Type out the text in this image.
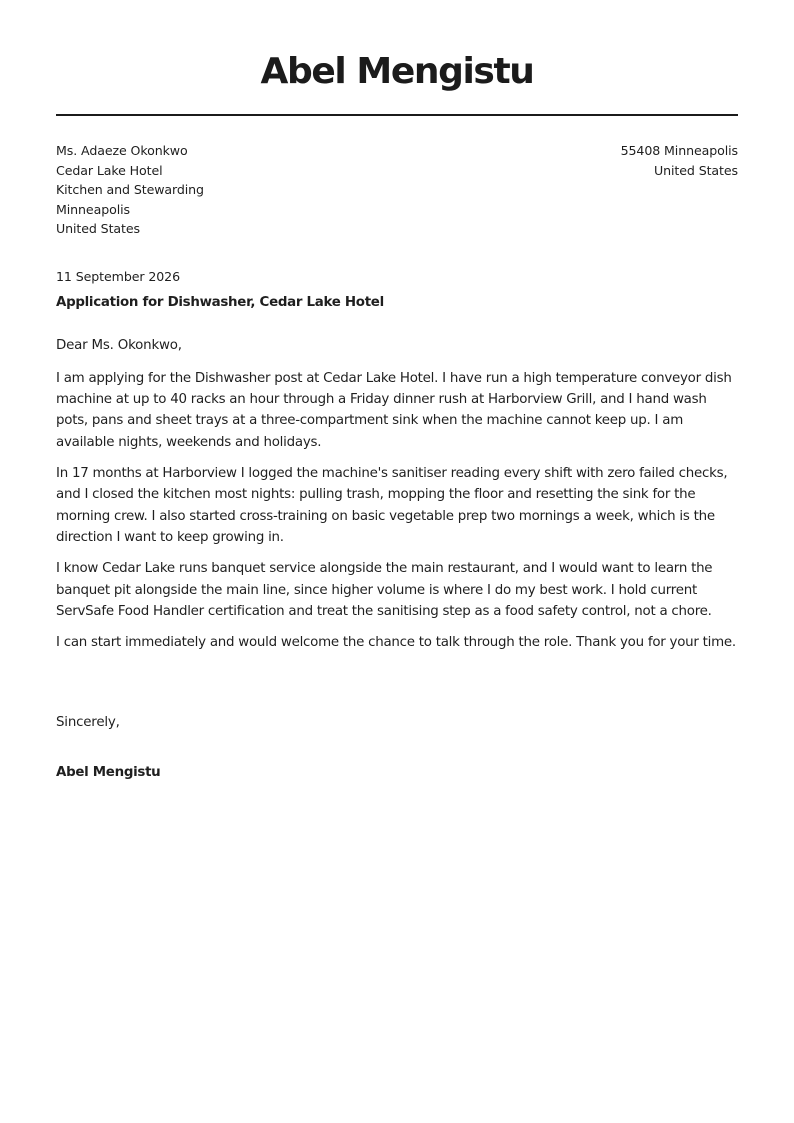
Abel Mengistu
Ms. Adaeze Okonkwo
Cedar Lake Hotel
Kitchen and Stewarding
Minneapolis
United States
55408 Minneapolis
United States
11 September 2026
Application for Dishwasher, Cedar Lake Hotel
Dear Ms. Okonkwo,

I am applying for the Dishwasher post at Cedar Lake Hotel. I have run a high temperature conveyor dish machine at up to 40 racks an hour through a Friday dinner rush at Harborview Grill, and I hand wash pots, pans and sheet trays at a three-compartment sink when the machine cannot keep up. I am available nights, weekends and holidays.

In 17 months at Harborview I logged the machine's sanitiser reading every shift with zero failed checks, and I closed the kitchen most nights: pulling trash, mopping the floor and resetting the sink for the morning crew. I also started cross-training on basic vegetable prep two mornings a week, which is the direction I want to keep growing in.

I know Cedar Lake runs banquet service alongside the main restaurant, and I would want to learn the banquet pit alongside the main line, since higher volume is where I do my best work. I hold current ServSafe Food Handler certification and treat the sanitising step as a food safety control, not a chore.

I can start immediately and would welcome the chance to talk through the role. Thank you for your time.

Sincerely,
Abel Mengistu
